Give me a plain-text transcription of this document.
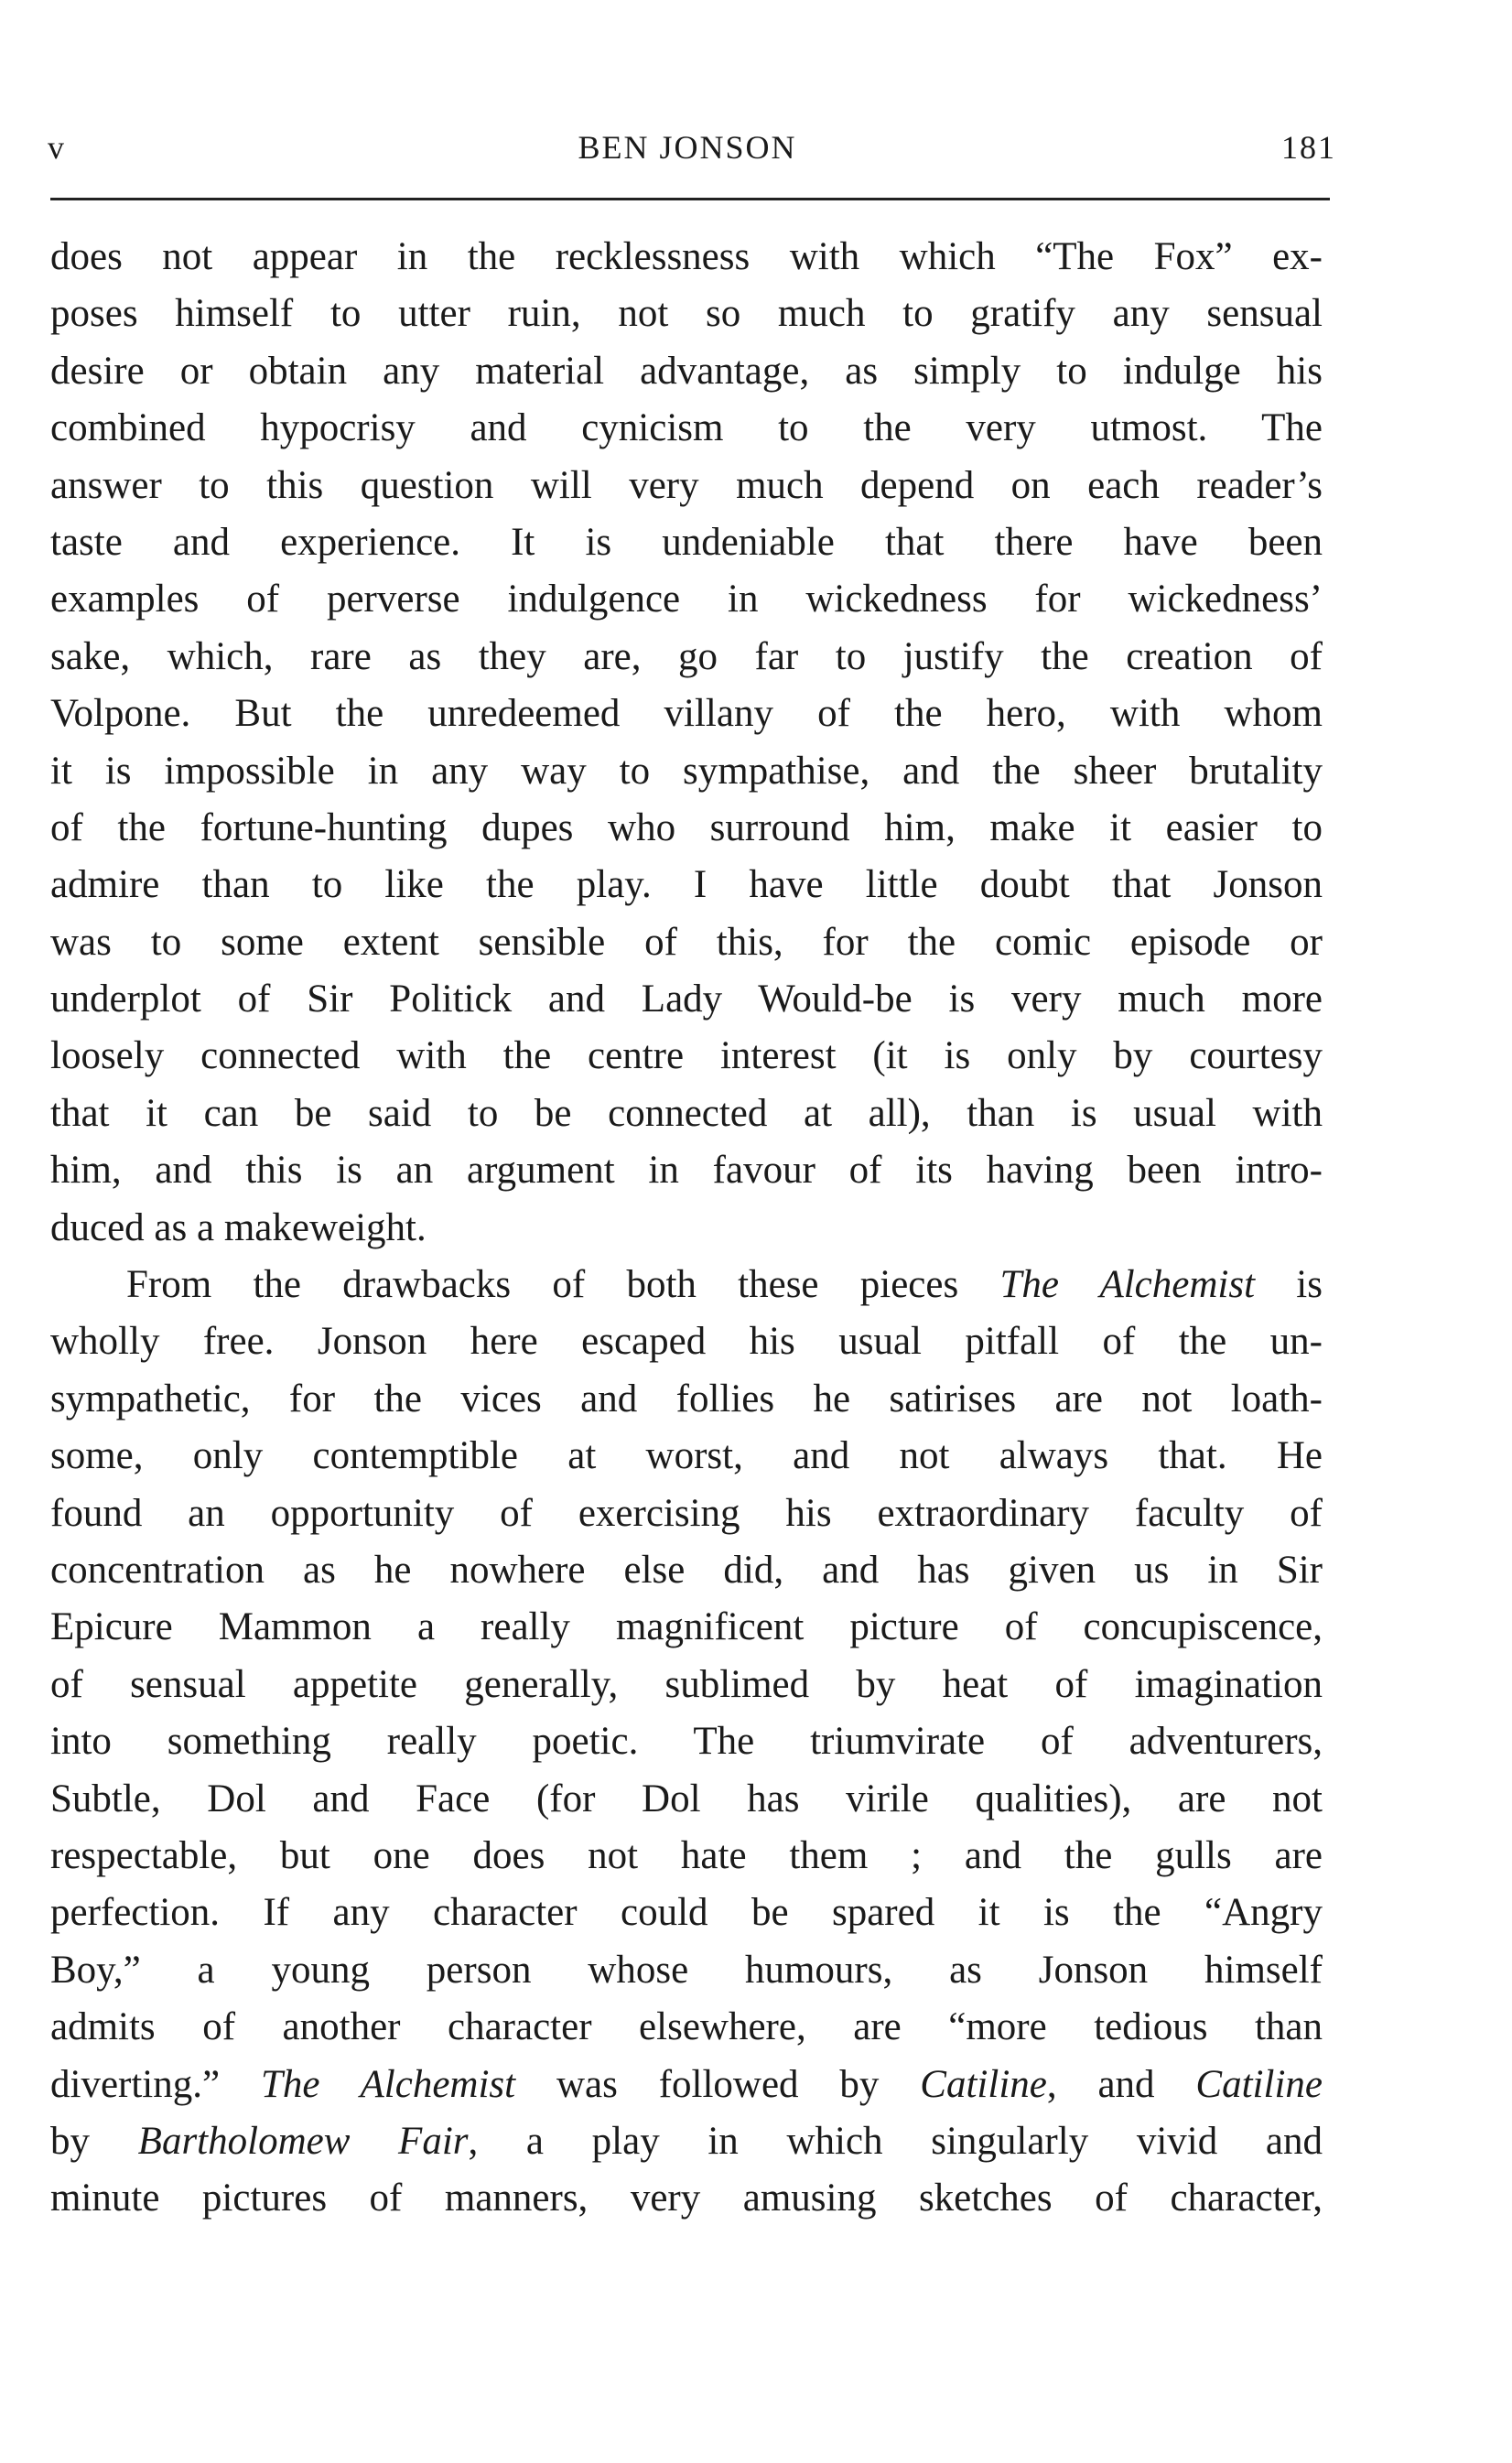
v	BEN JONSON	181
does not appear in the recklessness with which “The Fox” ex-
poses himself to utter ruin, not so much to gratify any sensual
desire or obtain any material advantage, as simply to indulge his
combined hypocrisy and cynicism to the very utmost. The
answer to this question will very much depend on each reader’s
taste and experience. It is undeniable that there have been
examples of perverse indulgence in wickedness for wickedness’
sake, which, rare as they are, go far to justify the creation of
Volpone. But the unredeemed villany of the hero, with whom
it is impossible in any way to sympathise, and the sheer brutality
of the fortune-hunting dupes who surround him, make it easier to
admire than to like the play. I have little doubt that Jonson
was to some extent sensible of this, for the comic episode or
underplot of Sir Politick and Lady Would-be is very much more
loosely connected with the centre interest (it is only by courtesy
that it can be said to be connected at all), than is usual with
him, and this is an argument in favour of its having been intro-
duced as a makeweight.
From the drawbacks of both these pieces The Alchemist is
wholly free. Jonson here escaped his usual pitfall of the un-
sympathetic, for the vices and follies he satirises are not loath-
some, only contemptible at worst, and not always that. He
found an opportunity of exercising his extraordinary faculty of
concentration as he nowhere else did, and has given us in Sir
Epicure Mammon a really magnificent picture of concupiscence,
of sensual appetite generally, sublimed by heat of imagination
into something really poetic. The triumvirate of adventurers,
Subtle, Dol and Face (for Dol has virile qualities), are not
respectable, but one does not hate them ; and the gulls are
perfection. If any character could be spared it is the “Angry
Boy,” a young person whose humours, as Jonson himself
admits of another character elsewhere, are “more tedious than
diverting.” The Alchemist was followed by Catiline, and Catiline
by Bartholomew Fair, a play in which singularly vivid and
minute pictures of manners, very amusing sketches of character,
